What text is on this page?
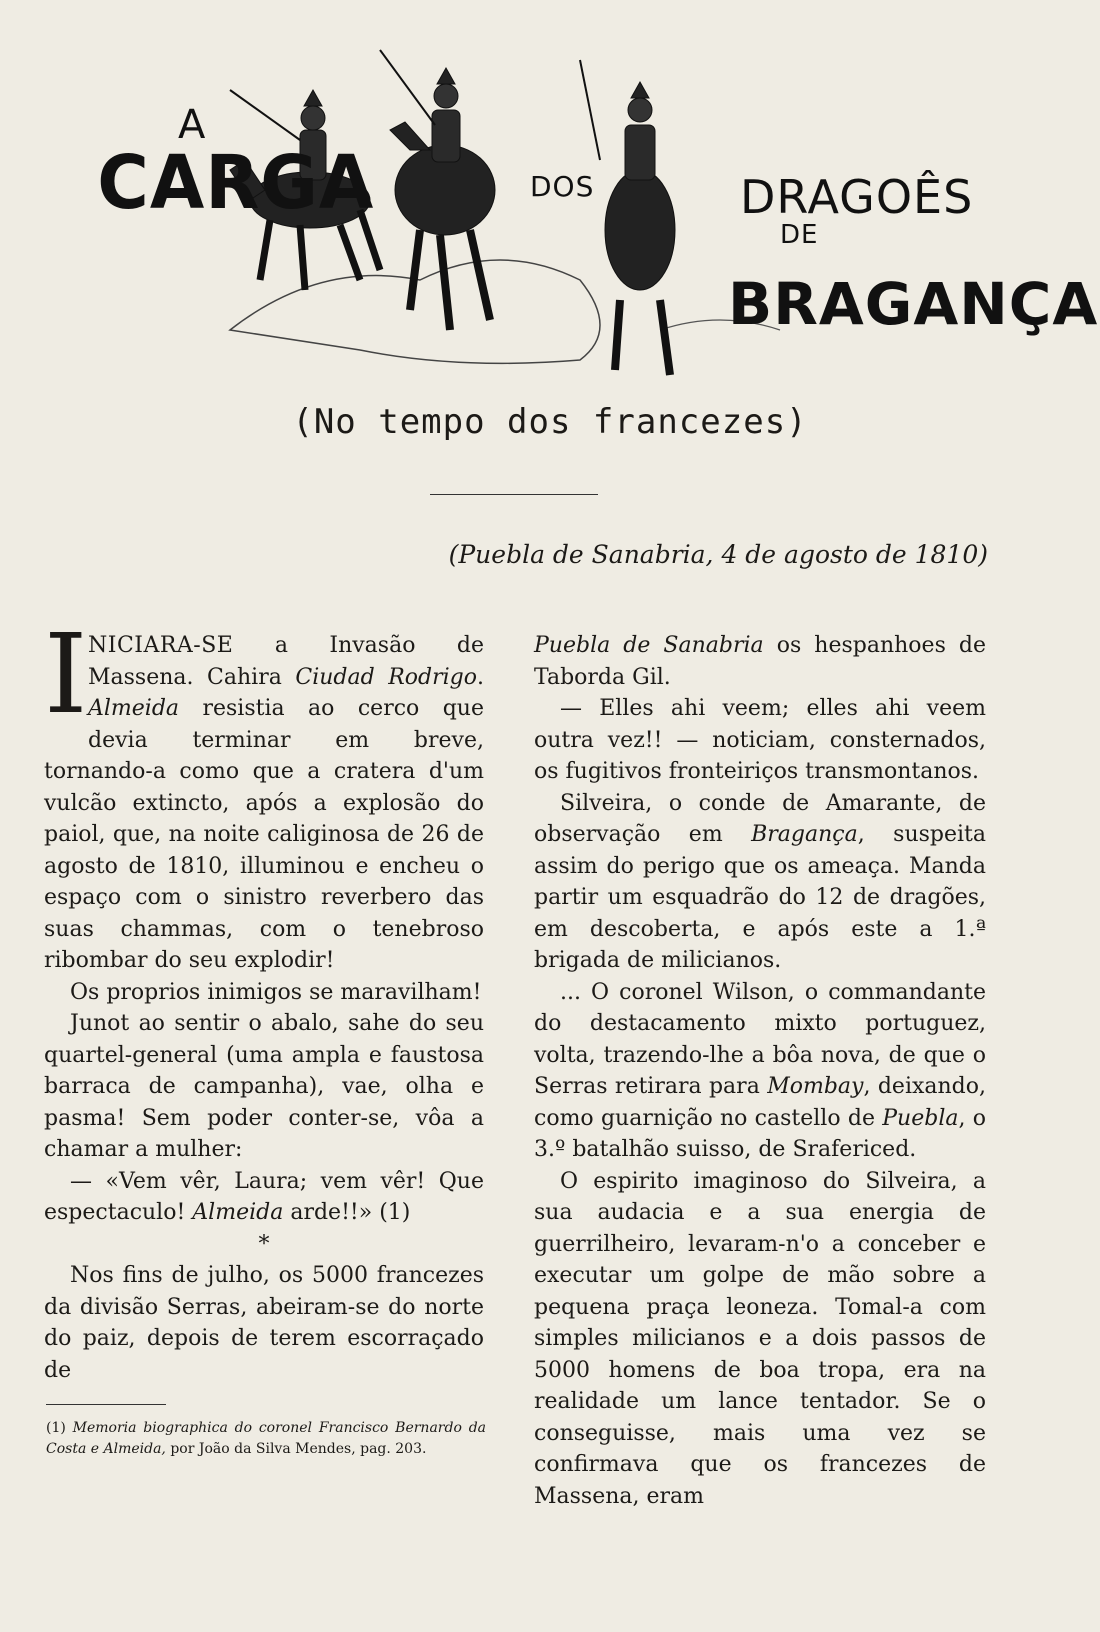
A
CARGA	DOS	DRAGOÊS
DE
BRAGANÇA
(No tempo dos francezes)
(Puebla de Sanabria, 4 de agosto de 1810)

INICIARA-SE a Invasão de Massena. Cahira Ciudad Rodrigo. Almeida resistia ao cerco que devia terminar em breve, tornando-a como que a cratera d'um vulcão extincto, após a explosão do paiol, que, na noite caliginosa de 26 de agosto de 1810, illuminou e encheu o espaço com o sinistro reverbero das suas chammas, com o tenebroso ribombar do seu explodir!

Os proprios inimigos se maravilham!

Junot ao sentir o abalo, sahe do seu quartel-general (uma ampla e faustosa barraca de campanha), vae, olha e pasma! Sem poder conter-se, vôa a chamar a mulher:

— «Vem vêr, Laura; vem vêr! Que espectaculo! Almeida arde!!» (1)

*

Nos fins de julho, os 5000 francezes da divisão Serras, abeiram-se do norte do paiz, depois de terem escorraçado de

(1) Memoria biographica do coronel Francisco Bernardo da Costa e Almeida, por João da Silva Mendes, pag. 203.

Puebla de Sanabria os hespanhoes de Taborda Gil.

— Elles ahi veem; elles ahi veem outra vez!! — noticiam, consternados, os fugitivos fronteiriços transmontanos.

Silveira, o conde de Amarante, de observação em Bragança, suspeita assim do perigo que os ameaça. Manda partir um esquadrão do 12 de dragões, em descoberta, e após este a 1.ª brigada de milicianos.

... O coronel Wilson, o commandante do destacamento mixto portuguez, volta, trazendo-lhe a bôa nova, de que o Serras retirara para Mombay, deixando, como guarnição no castello de Puebla, o 3.º batalhão suisso, de Srafericed.

O espirito imaginoso do Silveira, a sua audacia e a sua energia de guerrilheiro, levaram-n'o a conceber e executar um golpe de mão sobre a pequena praça leoneza. Tomal-a com simples milicianos e a dois passos de 5000 homens de boa tropa, era na realidade um lance tentador. Se o conseguisse, mais uma vez se confirmava que os francezes de Massena, eram
